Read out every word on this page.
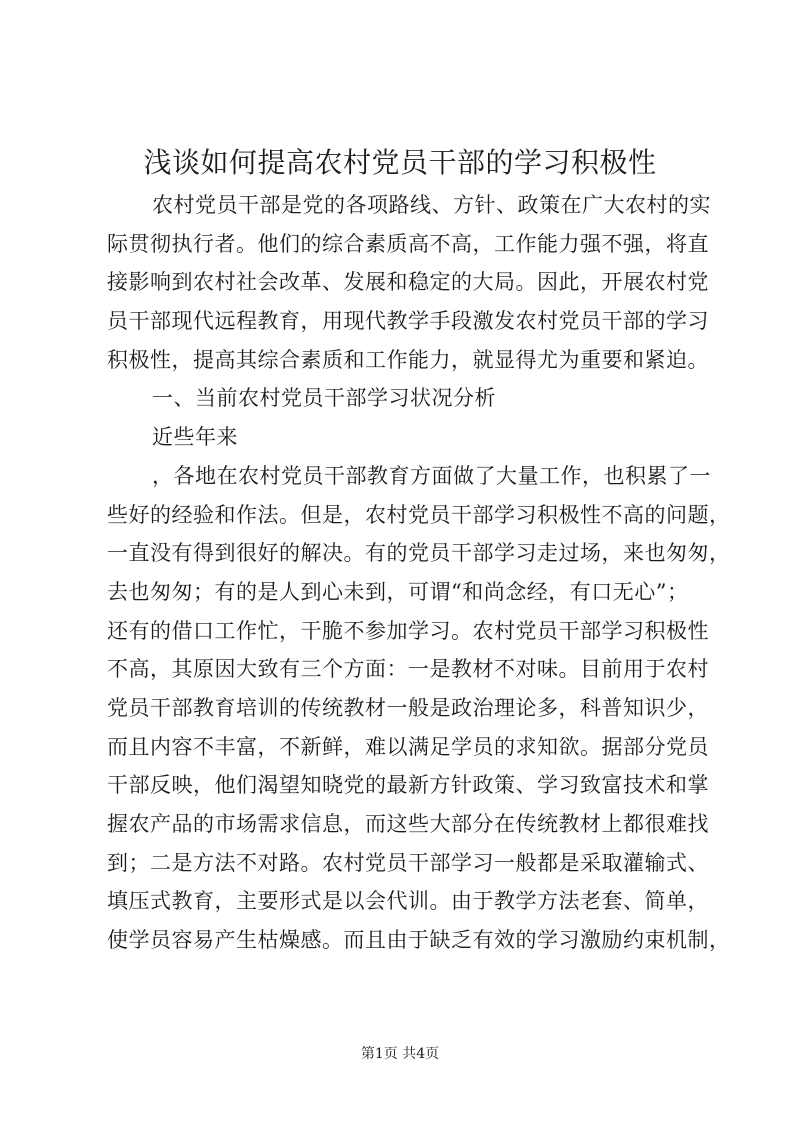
浅谈如何提高农村党员干部的学习积极性
农村党员干部是党的各项路线、方针、政策在广大农村的实
际贯彻执行者。他们的综合素质高不高，工作能力强不强，将直
接影响到农村社会改革、发展和稳定的大局。因此，开展农村党
员干部现代远程教育，用现代教学手段激发农村党员干部的学习
积极性，提高其综合素质和工作能力，就显得尤为重要和紧迫。
一、当前农村党员干部学习状况分析
近些年来
，各地在农村党员干部教育方面做了大量工作，也积累了一
些好的经验和作法。但是，农村党员干部学习积极性不高的问题，
一直没有得到很好的解决。有的党员干部学习走过场，来也匆匆，
去也匆匆；有的是人到心未到，可谓“和尚念经，有口无心”；
还有的借口工作忙，干脆不参加学习。农村党员干部学习积极性
不高，其原因大致有三个方面：一是教材不对味。目前用于农村
党员干部教育培训的传统教材一般是政治理论多，科普知识少，
而且内容不丰富，不新鲜，难以满足学员的求知欲。据部分党员
干部反映，他们渴望知晓党的最新方针政策、学习致富技术和掌
握农产品的市场需求信息，而这些大部分在传统教材上都很难找
到；二是方法不对路。农村党员干部学习一般都是采取灌输式、
填压式教育，主要形式是以会代训。由于教学方法老套、简单，
使学员容易产生枯燥感。而且由于缺乏有效的学习激励约束机制，
第1页 共4页
